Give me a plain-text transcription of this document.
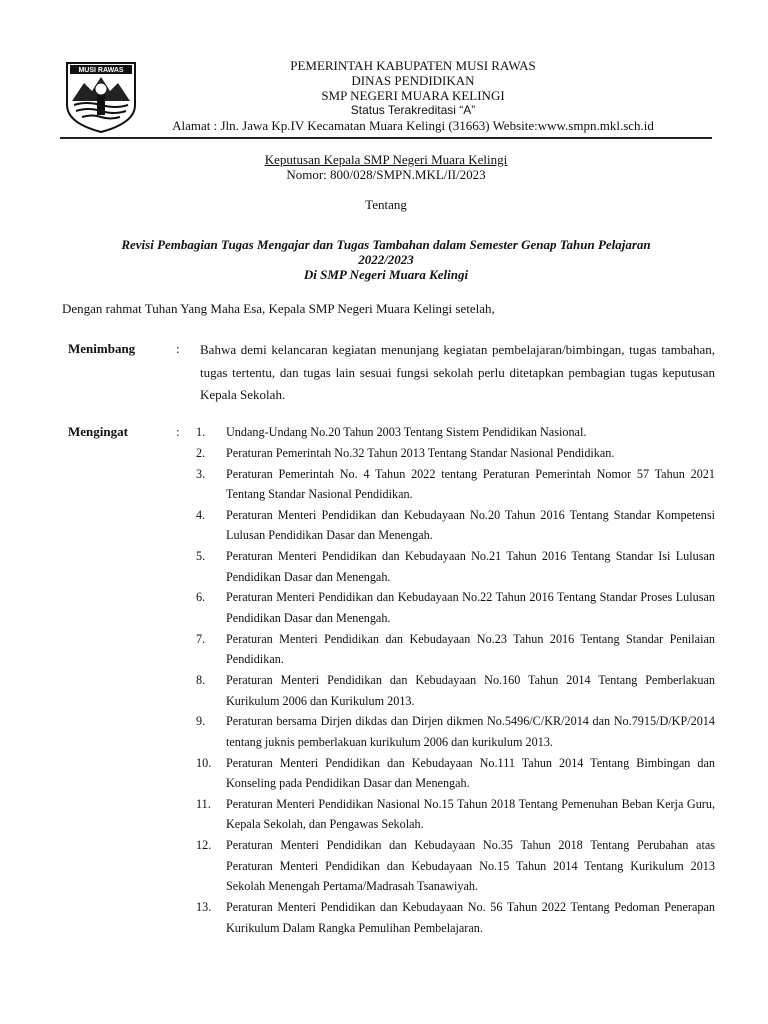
MUSI RAWAS	PEMERINTAH KABUPATEN MUSI RAWAS
DINAS PENDIDIKAN
SMP NEGERI MUARA KELINGI
Status Terakreditasi “A”
Alamat : Jln. Jawa Kp.IV Kecamatan Muara Kelingi (31663) Website:www.smpn.mkl.sch.id
Keputusan Kepala SMP Negeri Muara Kelingi
Nomor: 800/028/SMPN.MKL/II/2023
Tentang
Revisi Pembagian Tugas Mengajar dan Tugas Tambahan dalam Semester Genap Tahun Pelajaran
2022/2023
Di SMP Negeri Muara Kelingi
Dengan rahmat Tuhan Yang Maha Esa, Kepala SMP Negeri Muara Kelingi setelah,
Menimbang	: Bahwa demi kelancaran kegiatan menunjang kegiatan pembelajaran/bimbingan, tugas tambahan, tugas tertentu, dan tugas lain sesuai fungsi sekolah perlu ditetapkan pembagian tugas keputusan Kepala Sekolah.
Mengingat	: 1.	Undang-Undang No.20 Tahun 2003 Tentang Sistem Pendidikan Nasional.
2.	Peraturan Pemerintah No.32 Tahun 2013 Tentang Standar Nasional Pendidikan.
3.	Peraturan Pemerintah No. 4 Tahun 2022 tentang Peraturan Pemerintah Nomor 57 Tahun 2021 Tentang Standar Nasional Pendidikan.
4.	Peraturan Menteri Pendidikan dan Kebudayaan No.20 Tahun 2016 Tentang Standar Kompetensi Lulusan Pendidikan Dasar dan Menengah.
5.	Peraturan Menteri Pendidikan dan Kebudayaan No.21 Tahun 2016 Tentang Standar Isi Lulusan Pendidikan Dasar dan Menengah.
6.	Peraturan Menteri Pendidikan dan Kebudayaan No.22 Tahun 2016 Tentang Standar Proses Lulusan Pendidikan Dasar dan Menengah.
7.	Peraturan Menteri Pendidikan dan Kebudayaan No.23 Tahun 2016 Tentang Standar Penilaian Pendidikan.
8.	Peraturan Menteri Pendidikan dan Kebudayaan No.160 Tahun 2014 Tentang Pemberlakuan Kurikulum 2006 dan Kurikulum 2013.
9.	Peraturan bersama Dirjen dikdas dan Dirjen dikmen No.5496/C/KR/2014 dan No.7915/D/KP/2014 tentang juknis pemberlakuan kurikulum 2006 dan kurikulum 2013.
10.	Peraturan Menteri Pendidikan dan Kebudayaan No.111 Tahun 2014 Tentang Bimbingan dan Konseling pada Pendidikan Dasar dan Menengah.
11.	Peraturan Menteri Pendidikan Nasional No.15 Tahun 2018 Tentang Pemenuhan Beban Kerja Guru, Kepala Sekolah, dan Pengawas Sekolah.
12.	Peraturan Menteri Pendidikan dan Kebudayaan No.35 Tahun 2018 Tentang Perubahan atas Peraturan Menteri Pendidikan dan Kebudayaan No.15 Tahun 2014 Tentang Kurikulum 2013 Sekolah Menengah Pertama/Madrasah Tsanawiyah.
13.	Peraturan Menteri Pendidikan dan Kebudayaan No. 56 Tahun 2022 Tentang Pedoman Penerapan Kurikulum Dalam Rangka Pemulihan Pembelajaran.
